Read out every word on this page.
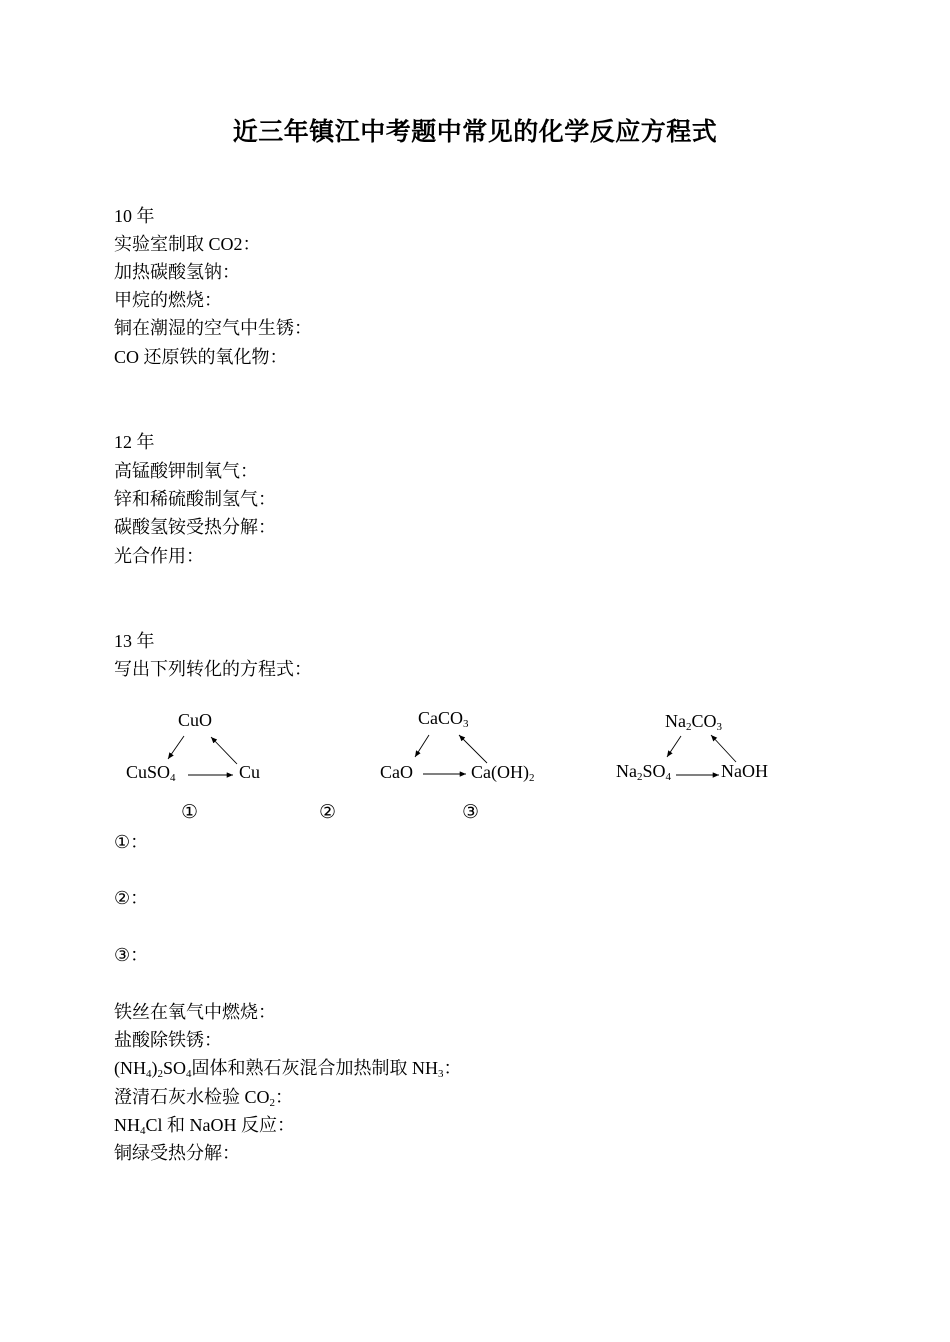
近三年镇江中考题中常见的化学反应方程式
10 年
实验室制取 CO2：
加热碳酸氢钠：
甲烷的燃烧：
铜在潮湿的空气中生锈：
CO 还原铁的氧化物：
12 年
高锰酸钾制氧气：
锌和稀硫酸制氢气：
碳酸氢铵受热分解：
光合作用：
13 年
写出下列转化的方程式：
CuO
CuSO$_4$	Cu
CaCO$_3$
CaO	$Ca(OH)_2$
$Na_2CO_3$
$Na_2SO_4$	NaOH
①	②	③
①：
②：
③：
铁丝在氧气中燃烧：
盐酸除铁锈：
$(NH_4)_2SO_4$固体和熟石灰混合加热制取 $NH_3$：
澄清石灰水检验 $CO_2$：
$NH_4Cl$ 和 NaOH 反应：
铜绿受热分解：
